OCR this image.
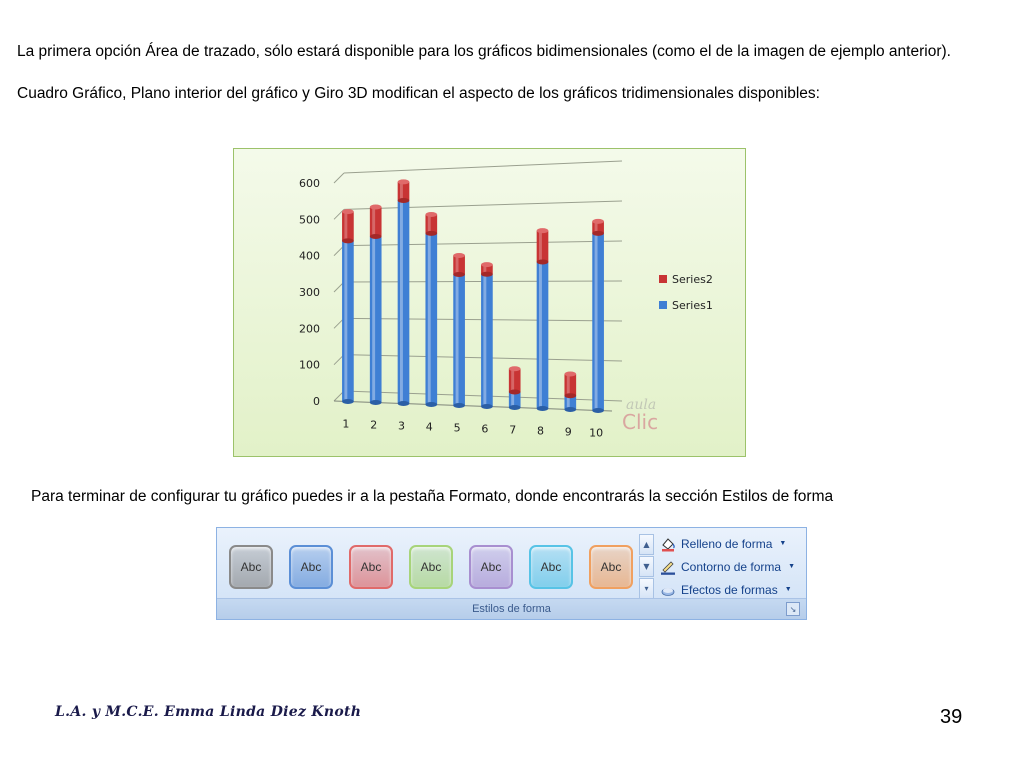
La primera opción Área de trazado, sólo estará disponible para los gráficos bidimensionales (como el de la imagen de ejemplo anterior).
Cuadro Gráfico, Plano interior del gráfico y Giro 3D modifican el aspecto de los gráficos tridimensionales disponibles:
0
100
200
300
400
500
600
1 2 3 4 5 6 7 8 9 10
Series2
Series1
aula
Clic
Para terminar de configurar tu gráfico puedes ir a la pestaña Formato, donde encontrarás la sección Estilos de forma
Abc	Abc	Abc	Abc	Abc	Abc	Abc
▲
▼
▾
Relleno de forma ▼
Contorno de forma ▼
Efectos de formas ▼
Estilos de forma	↘
L.A. y M.C.E. Emma Linda Diez Knoth	39
